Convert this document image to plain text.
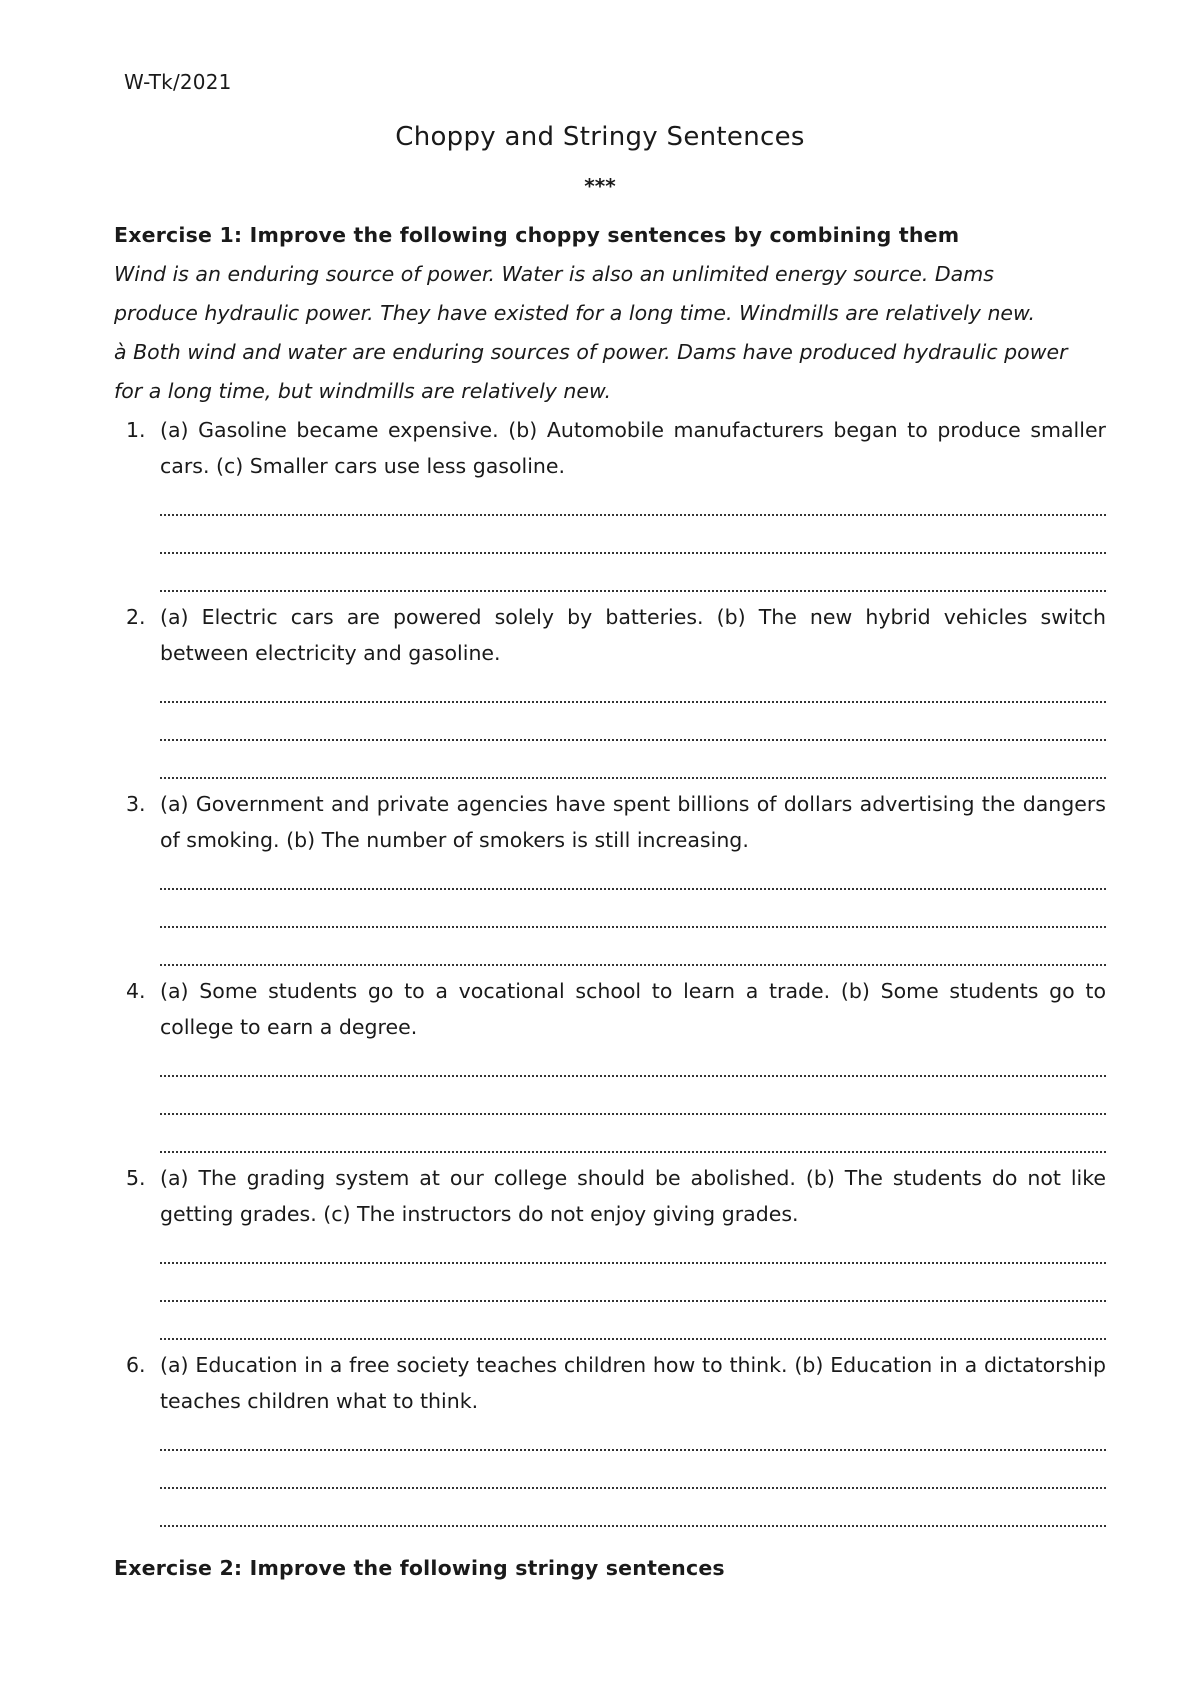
W-Tk/2021
Choppy and Stringy Sentences
***
Exercise 1: Improve the following choppy sentences by combining them
Wind is an enduring source of power. Water is also an unlimited energy source. Dams
produce hydraulic power. They have existed for a long time. Windmills are relatively new.
à Both wind and water are enduring sources of power. Dams have produced hydraulic power
for a long time, but windmills are relatively new.
1. (a) Gasoline became expensive. (b) Automobile manufacturers began to produce smaller cars. (c) Smaller cars use less gasoline.
2. (a) Electric cars are powered solely by batteries. (b) The new hybrid vehicles switch between electricity and gasoline.
3. (a) Government and private agencies have spent billions of dollars advertising the dangers of smoking. (b) The number of smokers is still increasing.
4. (a) Some students go to a vocational school to learn a trade. (b) Some students go to college to earn a degree.
5. (a) The grading system at our college should be abolished. (b) The students do not like getting grades. (c) The instructors do not enjoy giving grades.
6. (a) Education in a free society teaches children how to think. (b) Education in a dictatorship teaches children what to think.
Exercise 2: Improve the following stringy sentences
